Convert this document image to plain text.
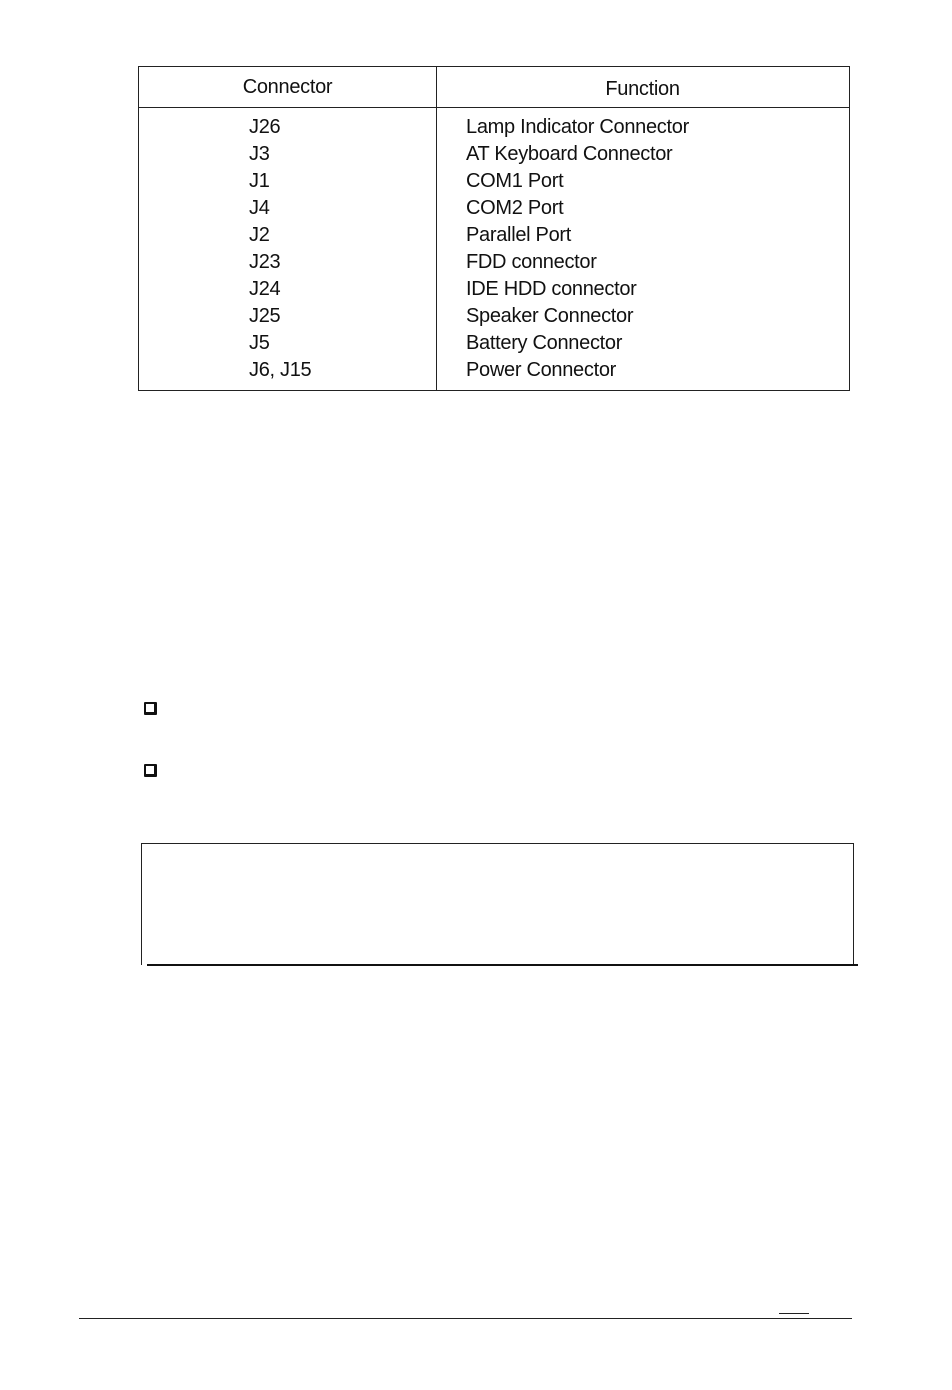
Connector	Function
J26	Lamp Indicator Connector
J3	AT Keyboard Connector
J1	COM1 Port
J4	COM2 Port
J2	Parallel Port
J23	FDD connector
J24	IDE HDD connector
J25	Speaker Connector
J5	Battery Connector
J6, J15	Power Connector
